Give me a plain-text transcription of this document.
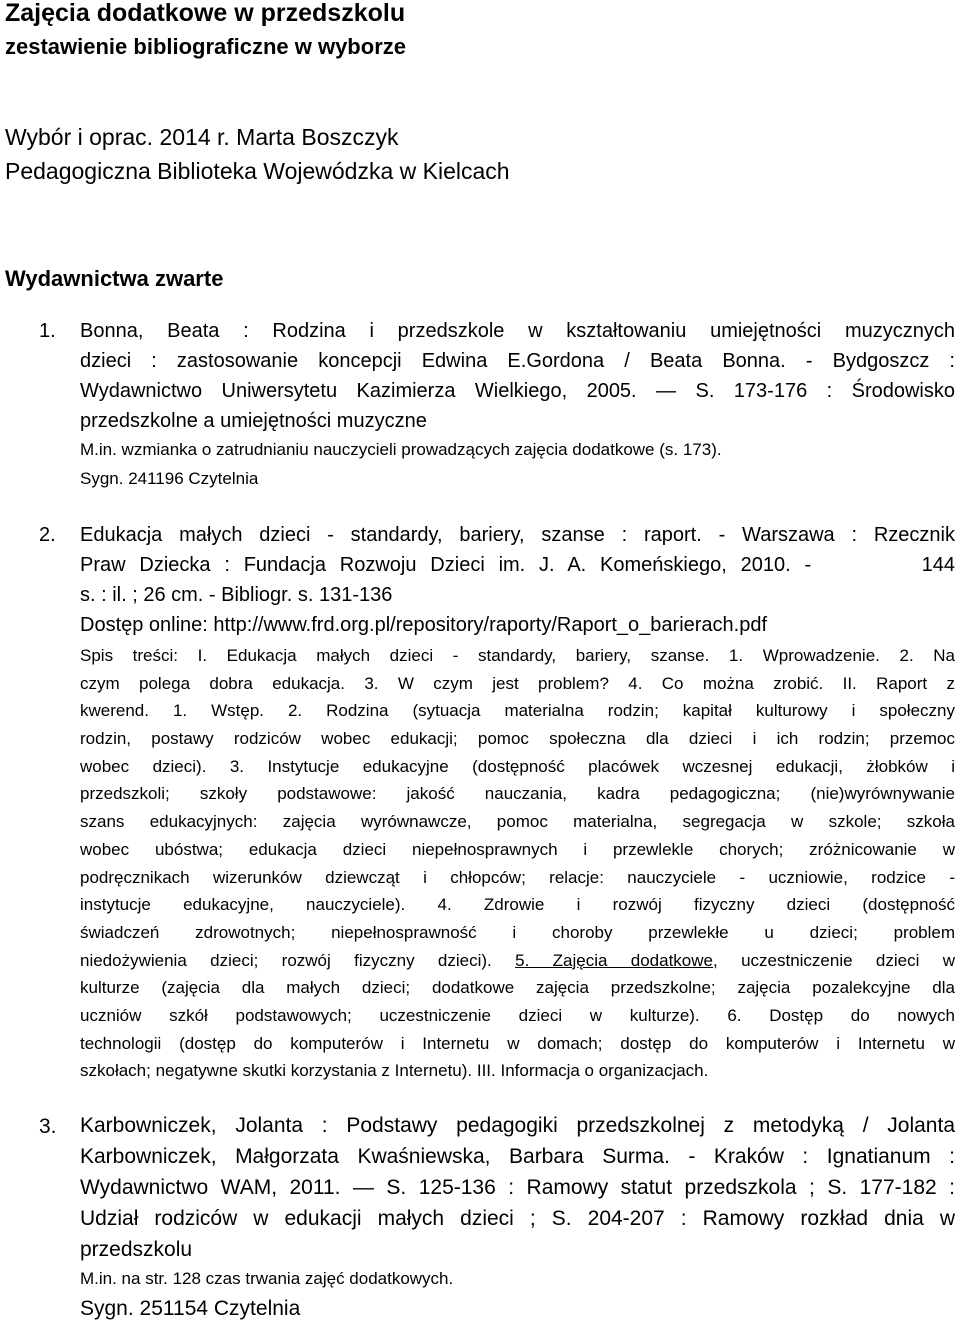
Zajęcia dodatkowe w przedszkolu
zestawienie bibliograficzne w wyborze
Wybór i oprac. 2014 r. Marta Boszczyk
Pedagogiczna Biblioteka Wojewódzka w Kielcach
Wydawnictwa zwarte
1. Bonna, Beata : Rodzina i przedszkole w kształtowaniu umiejętności muzycznych
dzieci : zastosowanie koncepcji Edwina E.Gordona / Beata Bonna. - Bydgoszcz :
Wydawnictwo Uniwersytetu Kazimierza Wielkiego, 2005. — S. 173-176 : Środowisko
przedszkolne a umiejętności muzyczne
M.in. wzmianka o zatrudnianiu nauczycieli prowadzących zajęcia dodatkowe (s. 173).
Sygn. 241196 Czytelnia
2. Edukacja małych dzieci - standardy, bariery, szanse : raport. - Warszawa : Rzecznik
Praw Dziecka : Fundacja Rozwoju Dzieci im. J. A. Komeńskiego, 2010. -        144
s. : il. ; 26 cm. - Bibliogr. s. 131-136
Dostęp online: http://www.frd.org.pl/repository/raporty/Raport_o_barierach.pdf
Spis treści: I. Edukacja małych dzieci - standardy, bariery, szanse. 1. Wprowadzenie. 2. Na
czym polega dobra edukacja. 3. W czym jest problem? 4. Co można zrobić. II. Raport z
kwerend. 1. Wstęp. 2. Rodzina (sytuacja materialna rodzin; kapitał kulturowy i społeczny
rodzin, postawy rodziców wobec edukacji; pomoc społeczna dla dzieci i ich rodzin; przemoc
wobec dzieci). 3. Instytucje edukacyjne (dostępność placówek wczesnej edukacji, żłobków i
przedszkoli; szkoły podstawowe: jakość nauczania, kadra pedagogiczna; (nie)wyrównywanie
szans edukacyjnych: zajęcia wyrównawcze, pomoc materialna, segregacja w szkole; szkoła
wobec ubóstwa; edukacja dzieci niepełnosprawnych i przewlekle chorych; zróżnicowanie w
podręcznikach wizerunków dziewcząt i chłopców; relacje: nauczyciele - uczniowie, rodzice -
instytucje edukacyjne, nauczyciele). 4. Zdrowie i rozwój fizyczny dzieci (dostępność
świadczeń zdrowotnych; niepełnosprawność i choroby przewlekłe u dzieci; problem
niedożywienia dzieci; rozwój fizyczny dzieci). 5. Zajęcia dodatkowe, uczestniczenie dzieci w
kulturze (zajęcia dla małych dzieci; dodatkowe zajęcia przedszkolne; zajęcia pozalekcyjne dla
uczniów szkół podstawowych; uczestniczenie dzieci w kulturze). 6. Dostęp do nowych
technologii (dostęp do komputerów i Internetu w domach; dostęp do komputerów i Internetu w
szkołach; negatywne skutki korzystania z Internetu). III. Informacja o organizacjach.
3. Karbowniczek, Jolanta : Podstawy pedagogiki przedszkolnej z metodyką / Jolanta
Karbowniczek, Małgorzata Kwaśniewska, Barbara Surma. - Kraków : Ignatianum :
Wydawnictwo WAM, 2011. — S. 125-136 : Ramowy statut przedszkola ; S. 177-182 :
Udział rodziców w edukacji małych dzieci ; S. 204-207 : Ramowy rozkład dnia w
przedszkolu
M.in. na str. 128 czas trwania zajęć dodatkowych.
Sygn. 251154 Czytelnia
